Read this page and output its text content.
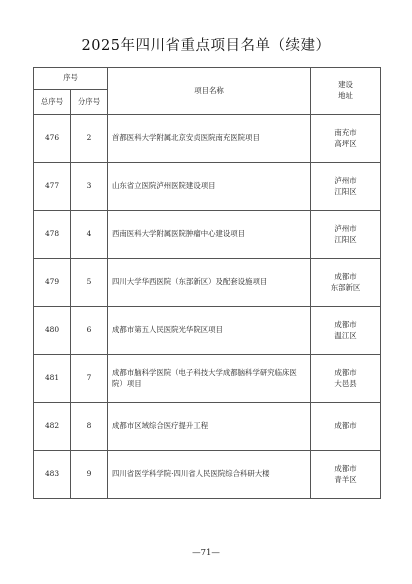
2025年四川省重点项目名单（续建）
序号		项目名称	建设
地址
总序号	分序号		
476	2	首都医科大学附属北京安贞医院南充医院项目	南充市
高坪区
477	3	山东省立医院泸州医院建设项目	泸州市
江阳区
478	4	西南医科大学附属医院肿瘤中心建设项目	泸州市
江阳区
479	5	四川大学华西医院（东部新区）及配套设施项目	成都市
东部新区
480	6	成都市第五人民医院光华院区项目	成都市
温江区
481	7	成都市脑科学医院（电子科技大学成都脑科学研究临床医院）项目	成都市
大邑县
482	8	成都市区域综合医疗提升工程	成都市

483	9	四川省医学科学院·四川省人民医院综合科研大楼	成都市
青羊区
—71—
